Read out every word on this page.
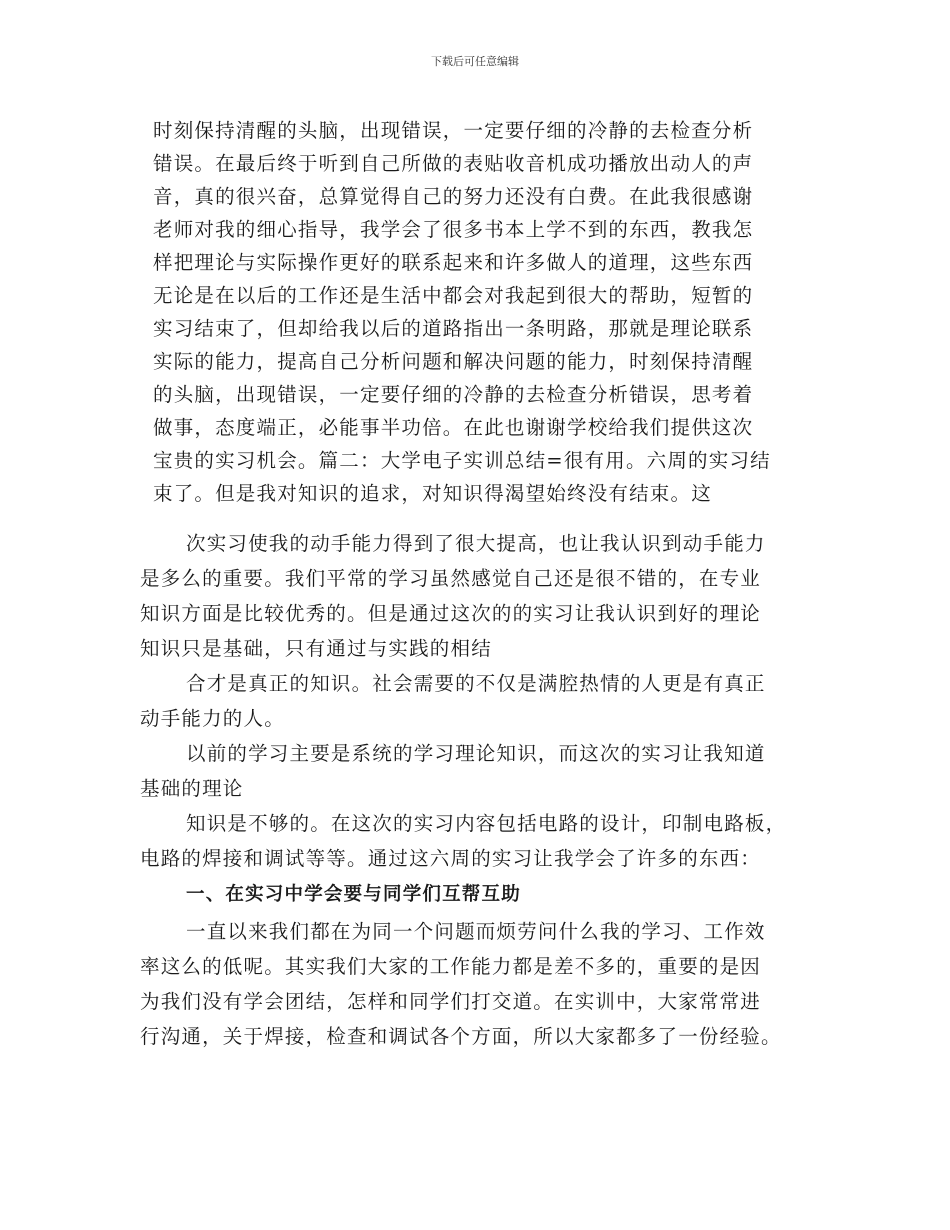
下载后可任意编辑
时刻保持清醒的头脑，出现错误，一定要仔细的冷静的去检查分析
错误。在最后终于听到自己所做的表贴收音机成功播放出动人的声
音，真的很兴奋，总算觉得自己的努力还没有白费。在此我很感谢
老师对我的细心指导，我学会了很多书本上学不到的东西，教我怎
样把理论与实际操作更好的联系起来和许多做人的道理，这些东西
无论是在以后的工作还是生活中都会对我起到很大的帮助，短暂的
实习结束了，但却给我以后的道路指出一条明路，那就是理论联系
实际的能力，提高自己分析问题和解决问题的能力，时刻保持清醒
的头脑，出现错误，一定要仔细的冷静的去检查分析错误，思考着
做事，态度端正，必能事半功倍。在此也谢谢学校给我们提供这次
宝贵的实习机会。篇二：大学电子实训总结=很有用。六周的实习结
束了。但是我对知识的追求，对知识得渴望始终没有结束。这
次实习使我的动手能力得到了很大提高，也让我认识到动手能力
是多么的重要。我们平常的学习虽然感觉自己还是很不错的，在专业
知识方面是比较优秀的。但是通过这次的的实习让我认识到好的理论
知识只是基础，只有通过与实践的相结
合才是真正的知识。社会需要的不仅是满腔热情的人更是有真正
动手能力的人。
以前的学习主要是系统的学习理论知识，而这次的实习让我知道
基础的理论
知识是不够的。在这次的实习内容包括电路的设计，印制电路板，
电路的焊接和调试等等。通过这六周的实习让我学会了许多的东西：
一、在实习中学会要与同学们互帮互助
一直以来我们都在为同一个问题而烦劳问什么我的学习、工作效
率这么的低呢。其实我们大家的工作能力都是差不多的，重要的是因
为我们没有学会团结，怎样和同学们打交道。在实训中，大家常常进
行沟通，关于焊接，检查和调试各个方面，所以大家都多了一份经验。
